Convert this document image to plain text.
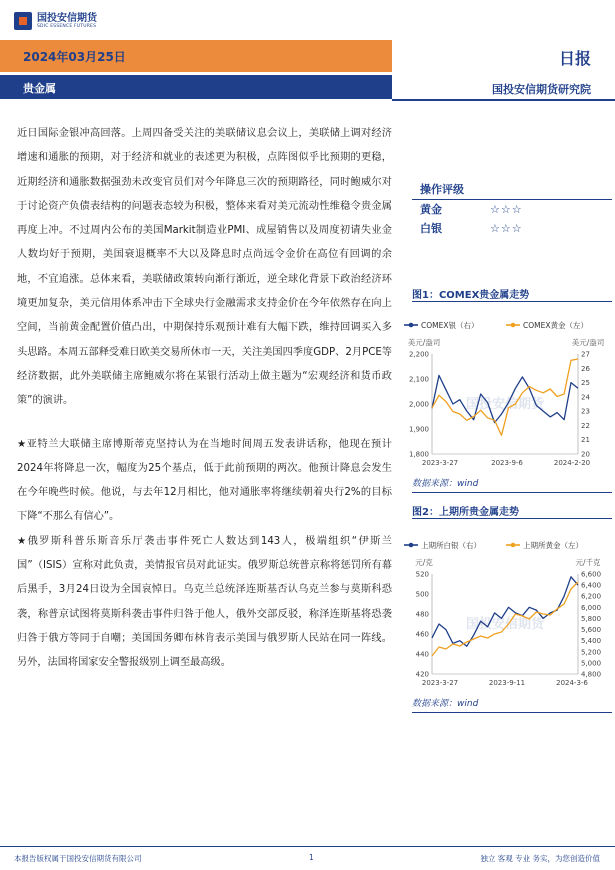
国投安信期货
SDIC ESSENCE FUTURES
2024年03月25日	日报
贵金属	国投安信期货研究院

近日国际金银冲高回落。上周四备受关注的美联储议息会议上，美联储上调对经济增速和通胀的预期，对于经济和就业的表述更为积极，点阵图似乎比预期的更稳，近期经济和通胀数据强劲未改变官员们对今年降息三次的预期路径，同时鲍威尔对于讨论资产负债表结构的问题表态较为积极，整体来看对美元流动性维稳令贵金属再度上冲。不过周内公布的美国Markit制造业PMI、成屋销售以及周度初请失业金人数均好于预期，美国衰退概率不大以及降息时点尚远令金价在高位有回调的余地，不宜追涨。总体来看，美联储政策转向渐行渐近，逆全球化背景下政治经济环境更加复杂，美元信用体系冲击下全球央行金融需求支持金价在今年依然存在向上空间，当前黄金配置价值凸出，中期保持乐观预计难有大幅下跌，维持回调买入多头思路。本周五部释受难日欧美交易所休市一天，关注美国四季度GDP、2月PCE等经济数据，此外美联储主席鲍威尔将在某银行活动上做主题为“宏观经济和货币政策”的演讲。

★亚特兰大联储主席博斯蒂克坚持认为在当地时间周五发表讲话称，他现在预计2024年将降息一次，幅度为25个基点，低于此前预期的两次。他预计降息会发生在今年晚些时候。他说，与去年12月相比，他对通胀率将继续朝着央行2%的目标下降“不那么有信心”。

★俄罗斯科普乐斯音乐厅袭击事件死亡人数达到143人，极端组织“伊斯兰国”（ISIS）宣称对此负责，美情报官员对此证实。俄罗斯总统普京称将惩罚所有幕后黑手，3月24日设为全国哀悼日。乌克兰总统泽连斯基否认乌克兰参与莫斯科恐袭，称普京试图将莫斯科袭击事件归咎于他人，俄外交部反驳，称泽连斯基将恐袭归咎于俄方等同于自嘲；美国国务卿布林肯表示美国与俄罗斯人民站在同一阵线。另外，法国将国家安全警报级别上调至最高级。

操作评级
黄金	☆☆☆
白银	☆☆☆
图1：COMEX贵金属走势
COMEX银（右）	COMEX黄金（左）
美元/盎司	美元/盎司
国投安信期货
1,800
1,900
2,000
2,100
2,200
20
21
22
23
24
25
26
27
2023-3-27	2023-9-6	2024-2-20
数据来源：wind
图2：上期所贵金属走势
上期所白银（右）	上期所黄金（左）
元/克	元/千克
国投安信期货
420
440
460
480
500
520
4,800
5,000
5,200
5,400
5,600
5,800
6,000
6,200
6,400
6,600
2023-3-27	2023-9-11	2024-3-6
数据来源：wind
本报告版权属于国投安信期货有限公司	1	独立 客观 专业 务实，为您创造价值
